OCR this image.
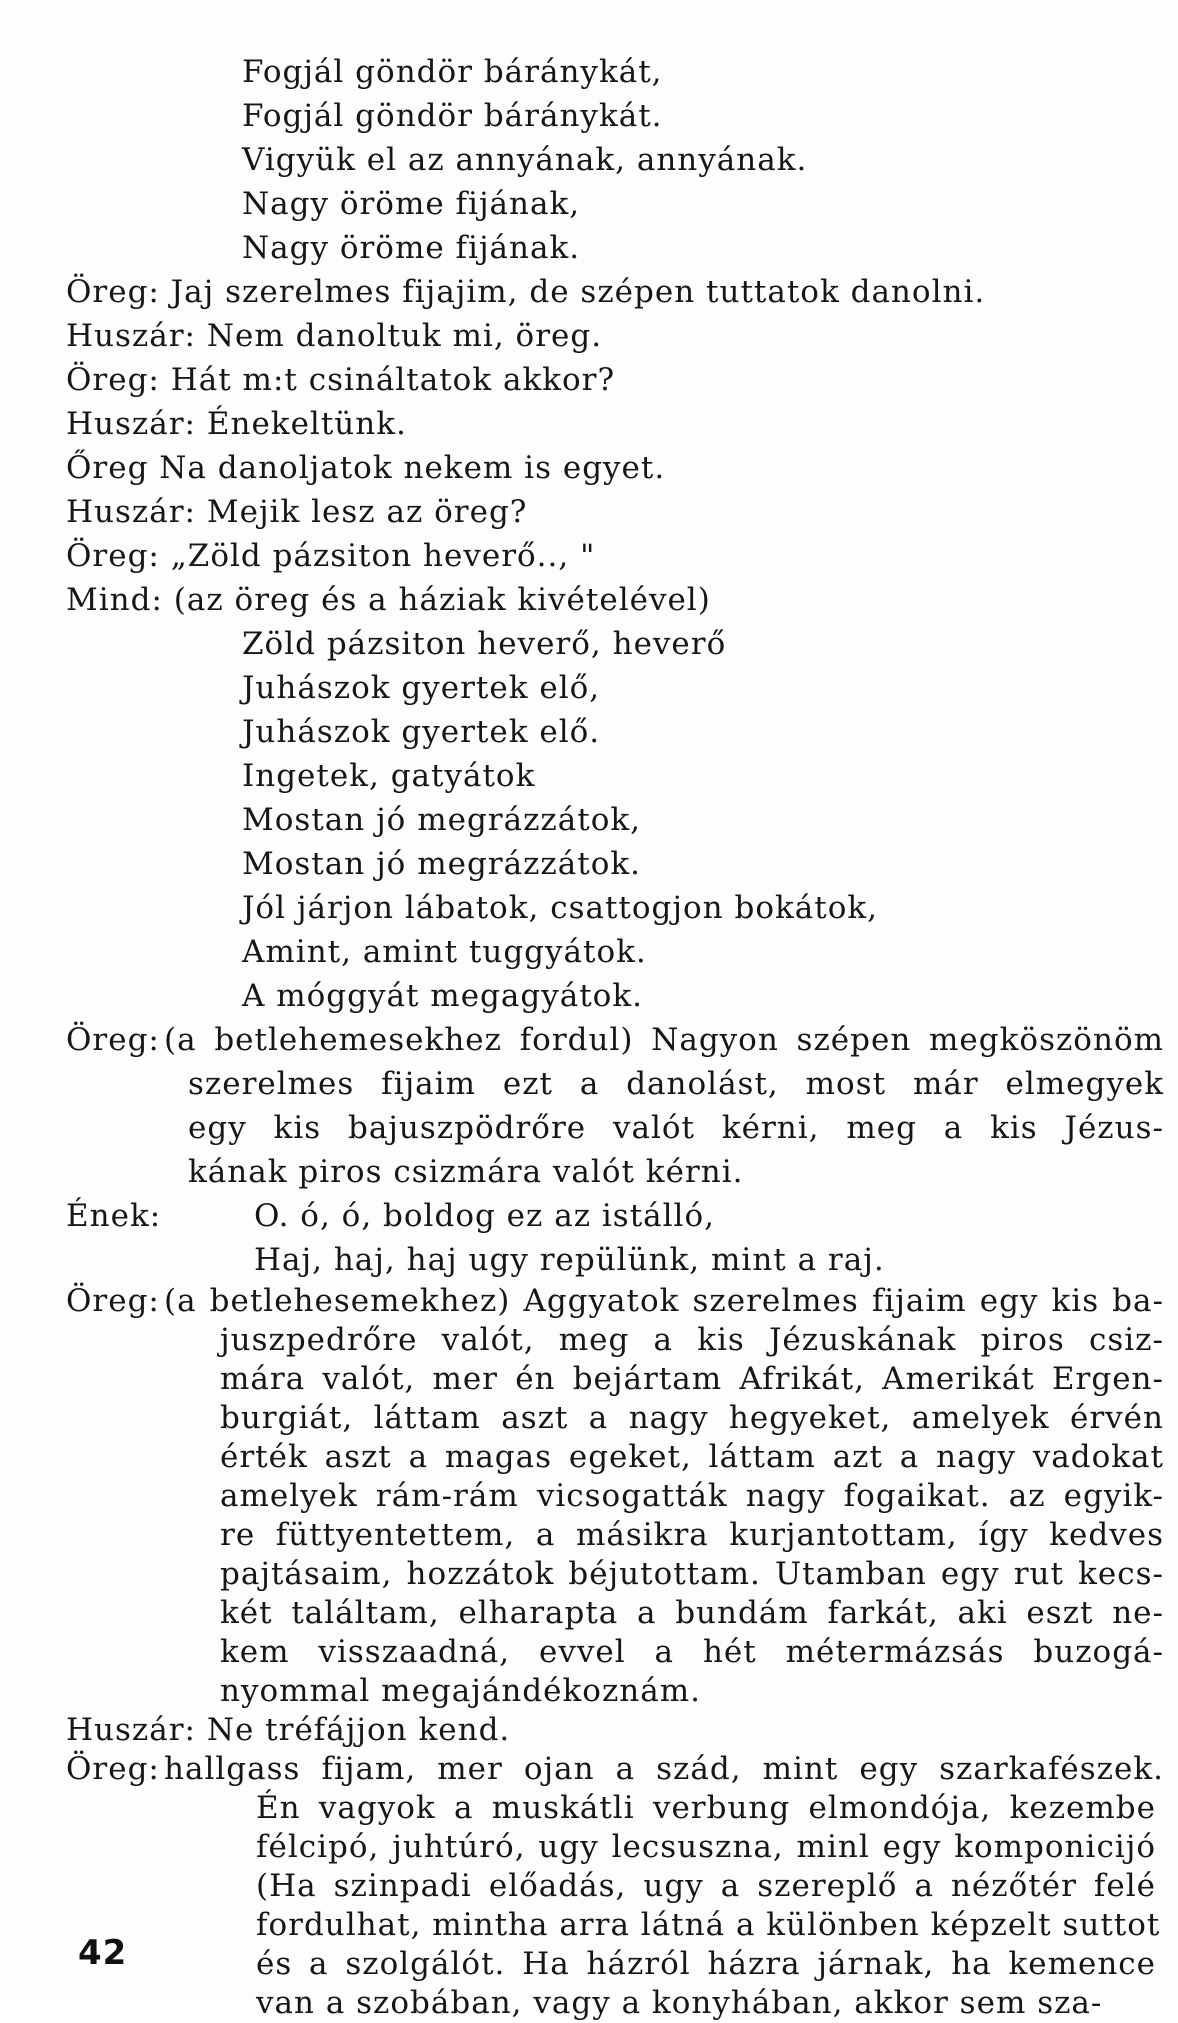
Fogjál göndör báránykát,
Fogjál göndör báránykát.
Vigyük el az annyának, annyának.
Nagy öröme fijának,
Nagy öröme fijának.
Öreg:
Jaj szerelmes fijajim, de szépen tuttatok danolni.
Huszár:
Nem danoltuk mi, öreg.
Öreg:
Hát m:t csináltatok akkor?
Huszár:
Énekeltünk.
Őreg
Na danoljatok nekem is egyet.
Huszár:
Mejik lesz az öreg?
Öreg:
„Zöld pázsiton heverő.., "
Mind:
(az öreg és a háziak kivételével)
Zöld pázsiton heverő, heverő
Juhászok gyertek elő,
Juhászok gyertek elő.
Ingetek, gatyátok
Mostan jó megrázzátok,
Mostan jó megrázzátok.
Jól járjon lábatok, csattogjon bokátok,
Amint, amint tuggyátok.
A móggyát megagyátok.
Öreg: (a betlehemesekhez fordul) Nagyon szépen megköszönöm
szerelmes fijaim ezt a danolást, most már elmegyek
egy kis bajuszpödrőre valót kérni, meg a kis Jézus-
kának piros csizmára valót kérni.
Ének:	O. ó, ó, boldog ez az istálló,
Haj, haj, haj ugy repülünk, mint a raj.
Öreg: (a betlehesemekhez) Aggyatok szerelmes fijaim egy kis ba-
juszpedrőre valót, meg a kis Jézuskának piros csiz-
mára valót, mer én bejártam Afrikát, Amerikát Ergen-
burgiát, láttam aszt a nagy hegyeket, amelyek érvén
érték aszt a magas egeket, láttam azt a nagy vadokat
amelyek rám-rám vicsogatták nagy fogaikat. az egyik-
re füttyentettem, a másikra kurjantottam, így kedves
pajtásaim, hozzátok béjutottam. Utamban egy rut kecs-
két találtam, elharapta a bundám farkát, aki eszt ne-
kem visszaadná, evvel a hét métermázsás buzogá-
nyommal megajándékoznám.
Huszár:
Ne tréfájjon kend.
Öreg: hallgass fijam, mer ojan a szád, mint egy szarkafészek.
Én vagyok a muskátli verbung elmondója, kezembe
félcipó, juhtúró, ugy lecsuszna, minl egy komponicijó
(Ha szinpadi előadás, ugy a szereplő a nézőtér felé
fordulhat, mintha arra látná a különben képzelt suttot
és a szolgálót. Ha házról házra járnak, ha kemence
van a szobában, vagy a konyhában, akkor sem sza-
42
